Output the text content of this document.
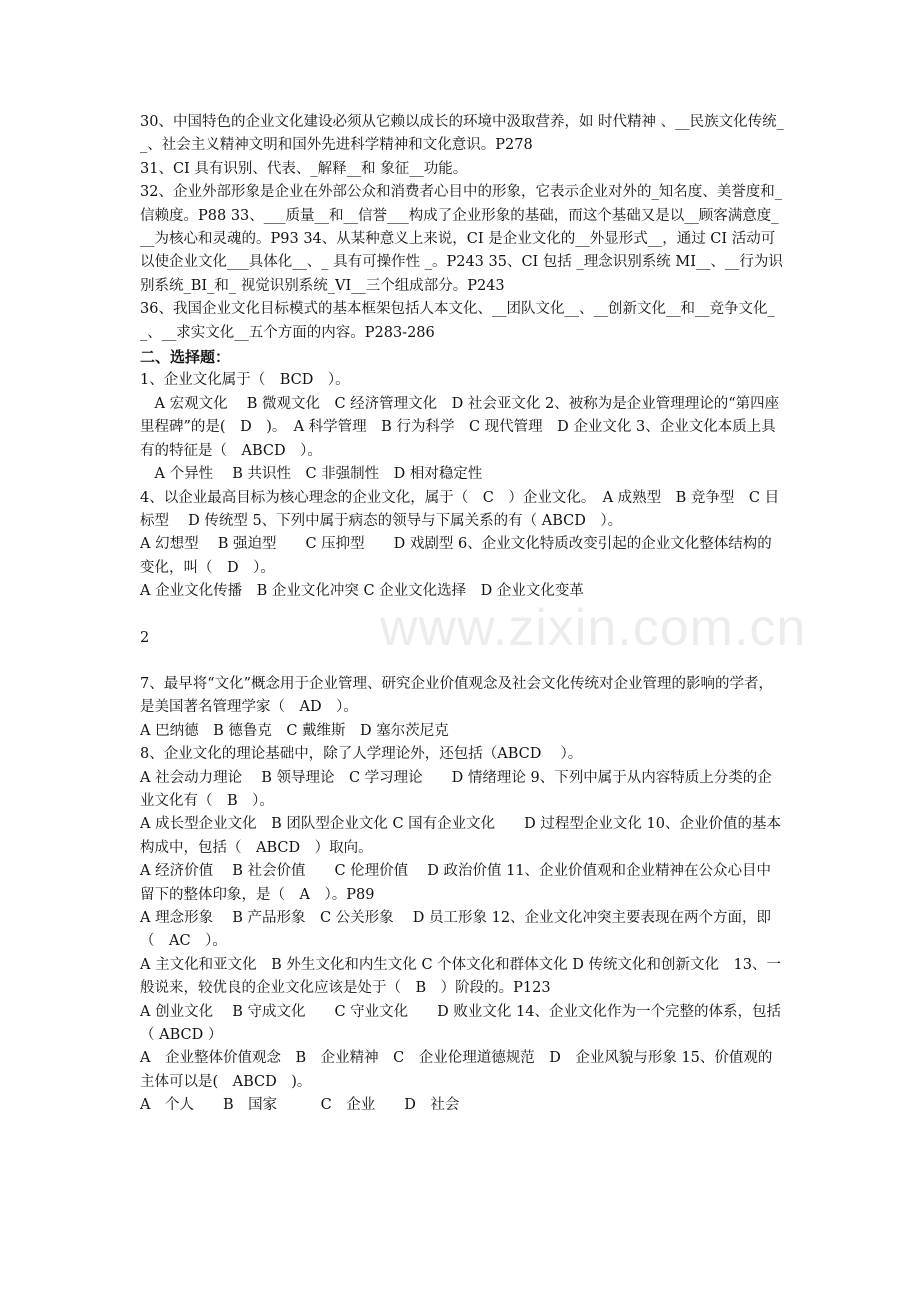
30、中国特色的企业文化建设必须从它赖以成长的环境中汲取营养，如 时代精神 、__民族文化传统__、社会主义精神文明和国外先进科学精神和文化意识。P278

31、CI 具有识别、代表、_解释__和 象征__功能。

32、企业外部形象是企业在外部公众和消费者心目中的形象，它表示企业对外的_知名度、美誉度和_信赖度。P88 33、___质量__和__信誉___构成了企业形象的基础，而这个基础又是以__顾客满意度___为核心和灵魂的。P93 34、从某种意义上来说，CI 是企业文化的__外显形式__，通过 CI 活动可以使企业文化___具体化__、_ 具有可操作性 _。P243 35、CI 包括 _理念识别系统 MI__、__行为识别系统_BI_和_ 视觉识别系统_VI__三个组成部分。P243

36、我国企业文化目标模式的基本框架包括人本文化、__团队文化__、__创新文化__和__竞争文化__、__求实文化__五个方面的内容。P283-286

二、选择题：

1、企业文化属于（　BCD　）。

　A 宏观文化　 B 微观文化　C 经济管理文化　D 社会亚文化 2、被称为是企业管理理论的“第四座里程碑”的是(　D　)。　A 科学管理　B 行为科学　C 现代管理　D 企业文化 3、企业文化本质上具有的特征是（　ABCD　）。

　A 个异性　 B 共识性　C 非强制性　D 相对稳定性

4、以企业最高目标为核心理念的企业文化，属于（　C　）企业文化。　A 成熟型　B 竞争型　C 目标型　 D 传统型 5、下列中属于病态的领导与下属关系的有（ ABCD　）。

A 幻想型　 B 强迫型　　C 压抑型　　D 戏剧型 6、企业文化特质改变引起的企业文化整体结构的变化，叫（　D　）。

A 企业文化传播　B 企业文化冲突 C 企业文化选择　D 企业文化变革

2

7、最早将“文化”概念用于企业管理、研究企业价值观念及社会文化传统对企业管理的影响的学者，是美国著名管理学家（　AD　）。

A 巴纳德　B 德鲁克　C 戴维斯　D 塞尔茨尼克

8、企业文化的理论基础中，除了人学理论外，还包括（ABCD　 ）。

A 社会动力理论　 B 领导理论　C 学习理论　　D 情绪理论 9、下列中属于从内容特质上分类的企业文化有（　B　）。

A 成长型企业文化　B 团队型企业文化 C 国有企业文化　　D 过程型企业文化 10、企业价值的基本构成中，包括（　ABCD　）取向。

A 经济价值　 B 社会价值　　C 伦理价值　 D 政治价值 11、企业价值观和企业精神在公众心目中留下的整体印象，是（　A　）。P89

A 理念形象　 B 产品形象　C 公关形象　 D 员工形象 12、企业文化冲突主要表现在两个方面，即（　AC　）。

A 主文化和亚文化　B 外生文化和内生文化 C 个体文化和群体文化 D 传统文化和创新文化　13、一般说来，较优良的企业文化应该是处于（　B　）阶段的。P123

A 创业文化　 B 守成文化　　C 守业文化　　D 败业文化 14、企业文化作为一个完整的体系，包括（ ABCD ）

A　企业整体价值观念　B　企业精神　C　企业伦理道德规范　D　企业风貌与形象 15、价值观的主体可以是(　ABCD　)。

A　个人　　B　国家　　　C　企业　　D　社会

www.zixin.com.cn
